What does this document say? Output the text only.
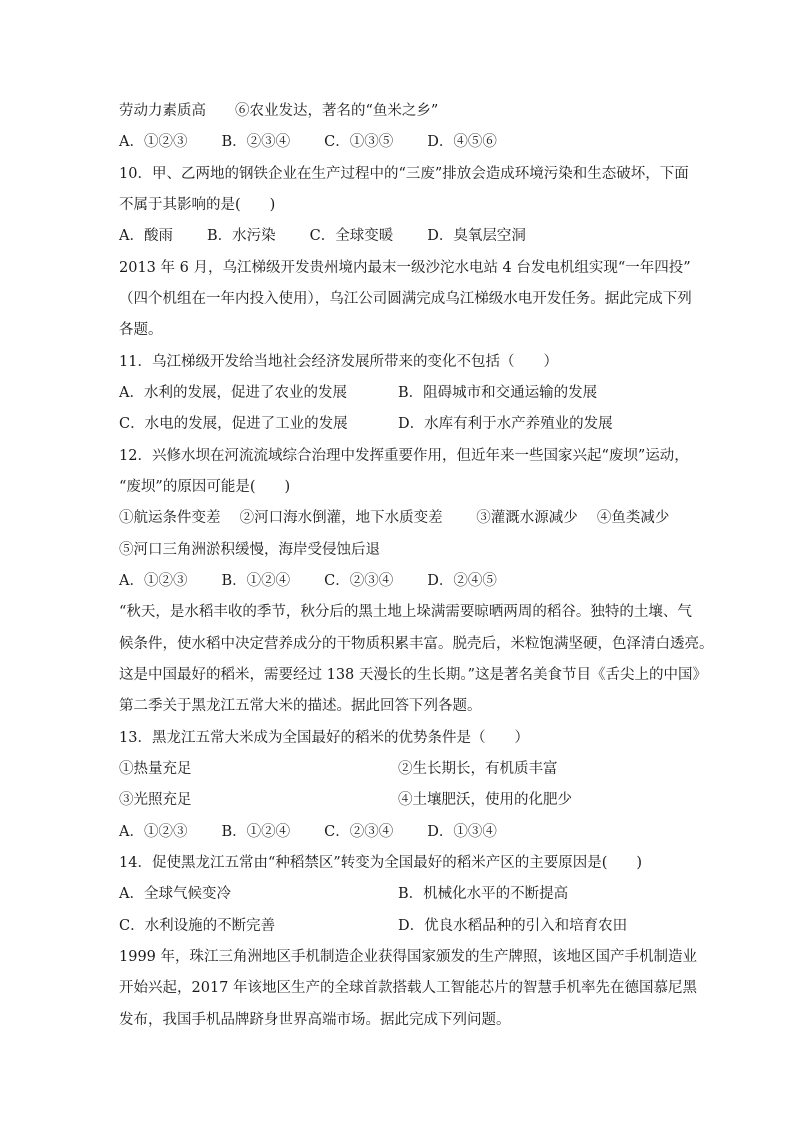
劳动力素质高　　⑥农业发达，著名的“鱼米之乡”
A．①②③ B．②③④ C．①③⑤ D．④⑤⑥
10．甲、乙两地的钢铁企业在生产过程中的“三废”排放会造成环境污染和生态破坏，下面
不属于其影响的是(　　)
A．酸雨 B．水污染 C．全球变暖 D．臭氧层空洞
2013 年 6 月，乌江梯级开发贵州境内最末一级沙沱水电站 4 台发电机组实现“一年四投”
（四个机组在一年内投入使用），乌江公司圆满完成乌江梯级水电开发任务。据此完成下列
各题。
11．乌江梯级开发给当地社会经济发展所带来的变化不包括（　　）
A．水利的发展，促进了农业的发展	B．阻碍城市和交通运输的发展
C．水电的发展，促进了工业的发展	D．水库有利于水产养殖业的发展
12．兴修水坝在河流流域综合治理中发挥重要作用，但近年来一些国家兴起“废坝”运动，
“废坝”的原因可能是(　　)
①航运条件变差　 ②河口海水倒灌，地下水质变差　　 ③灌溉水源减少　 ④鱼类减少
⑤河口三角洲淤积缓慢，海岸受侵蚀后退
A．①②③ B．①②④ C．②③④ D．②④⑤
“秋天，是水稻丰收的季节，秋分后的黑土地上垛满需要晾晒两周的稻谷。独特的土壤、气
候条件，使水稻中决定营养成分的干物质积累丰富。脱壳后，米粒饱满坚硬，色泽清白透亮。
这是中国最好的稻米，需要经过 138 天漫长的生长期。”这是著名美食节目《舌尖上的中国》
第二季关于黑龙江五常大米的描述。据此回答下列各题。
13．黑龙江五常大米成为全国最好的稻米的优势条件是（　　）
①热量充足	②生长期长，有机质丰富
③光照充足	④土壤肥沃，使用的化肥少
A．①②③ B．①②④ C．②③④ D．①③④
14．促使黑龙江五常由“种稻禁区”转变为全国最好的稻米产区的主要原因是(　　)
A．全球气候变冷	B．机械化水平的不断提高
C．水利设施的不断完善	D．优良水稻品种的引入和培育农田
1999 年，珠江三角洲地区手机制造企业获得国家颁发的生产牌照，该地区国产手机制造业
开始兴起，2017 年该地区生产的全球首款搭载人工智能芯片的智慧手机率先在德国慕尼黑
发布，我国手机品牌跻身世界高端市场。据此完成下列问题。
